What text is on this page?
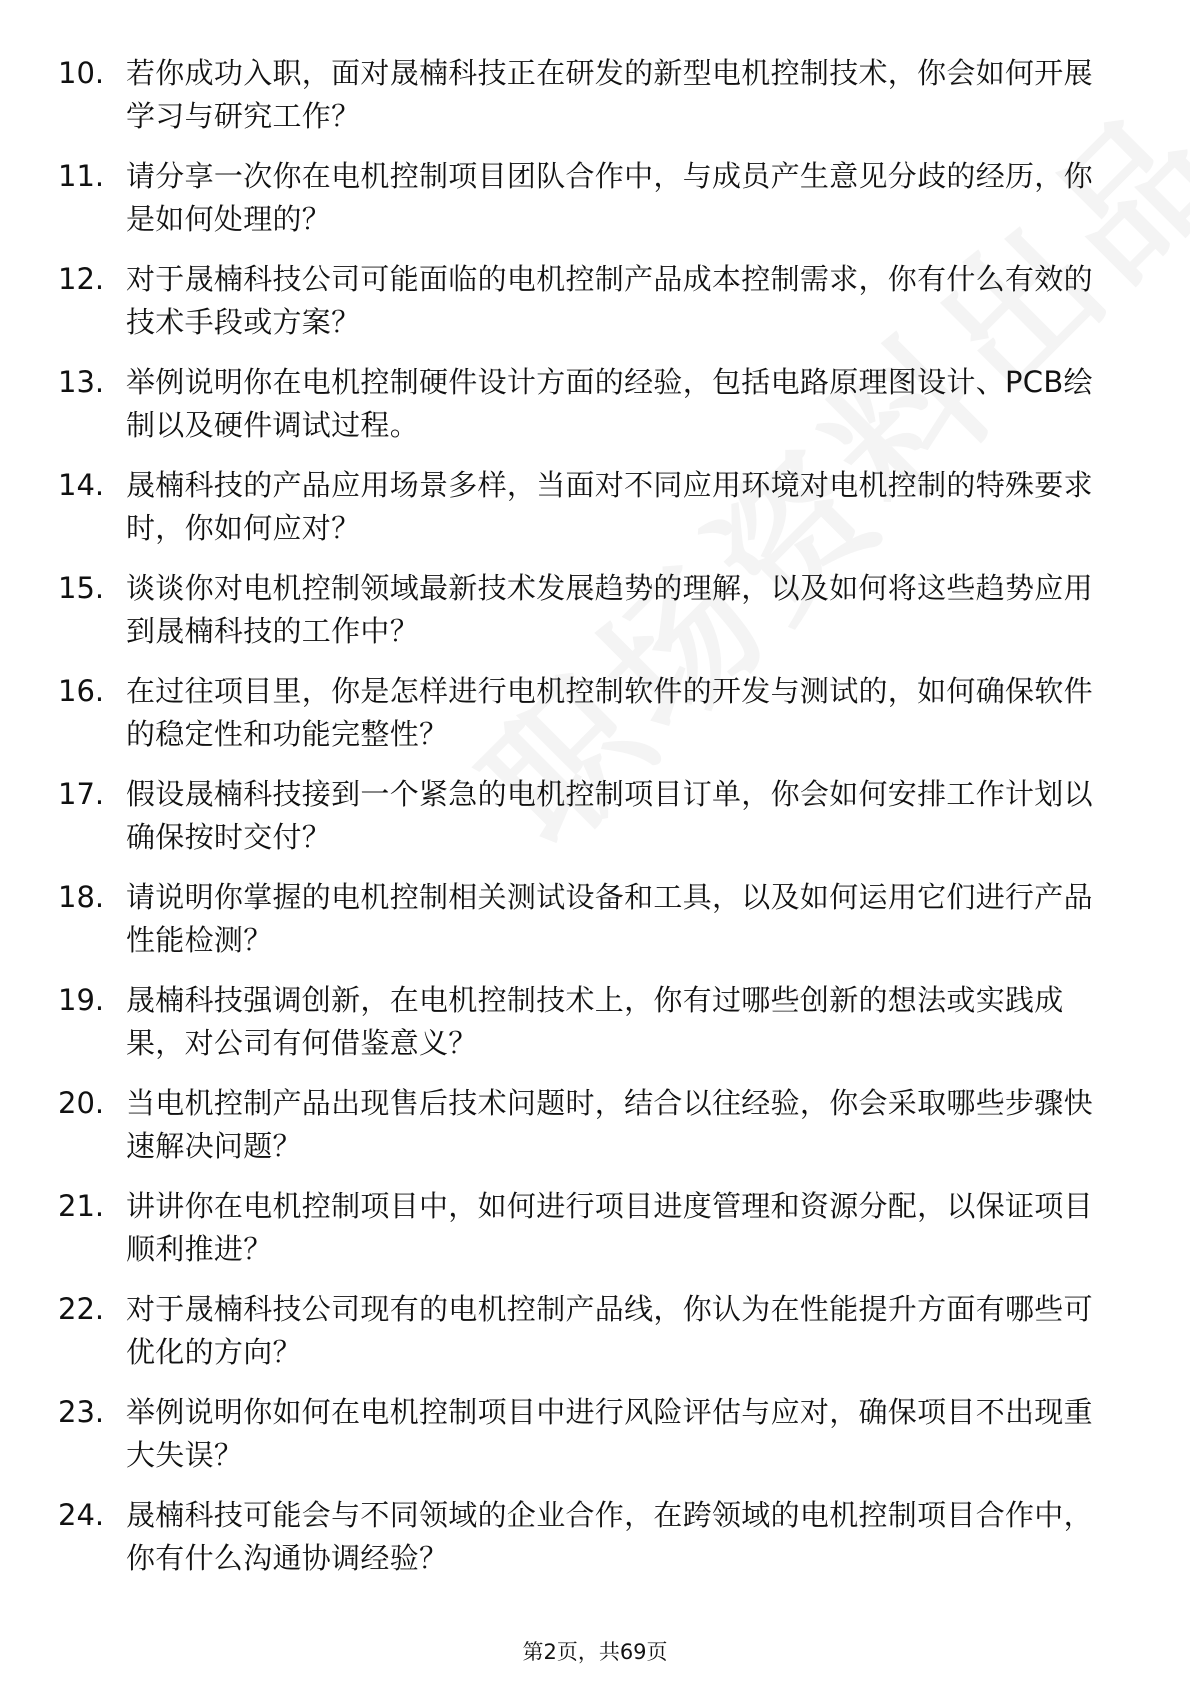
10. 若你成功入职，面对晟楠科技正在研发的新型电机控制技术，你会如何开展学习与研究工作？
11. 请分享一次你在电机控制项目团队合作中，与成员产生意见分歧的经历，你是如何处理的？
12. 对于晟楠科技公司可能面临的电机控制产品成本控制需求，你有什么有效的技术手段或方案？
13. 举例说明你在电机控制硬件设计方面的经验，包括电路原理图设计、PCB绘制以及硬件调试过程。
14. 晟楠科技的产品应用场景多样，当面对不同应用环境对电机控制的特殊要求时，你如何应对？
15. 谈谈你对电机控制领域最新技术发展趋势的理解，以及如何将这些趋势应用到晟楠科技的工作中？
16. 在过往项目里，你是怎样进行电机控制软件的开发与测试的，如何确保软件的稳定性和功能完整性？
17. 假设晟楠科技接到一个紧急的电机控制项目订单，你会如何安排工作计划以确保按时交付？
18. 请说明你掌握的电机控制相关测试设备和工具，以及如何运用它们进行产品性能检测？
19. 晟楠科技强调创新，在电机控制技术上，你有过哪些创新的想法或实践成果，对公司有何借鉴意义？
20. 当电机控制产品出现售后技术问题时，结合以往经验，你会采取哪些步骤快速解决问题？
21. 讲讲你在电机控制项目中，如何进行项目进度管理和资源分配，以保证项目顺利推进？
22. 对于晟楠科技公司现有的电机控制产品线，你认为在性能提升方面有哪些可优化的方向？
23. 举例说明你如何在电机控制项目中进行风险评估与应对，确保项目不出现重大失误？
24. 晟楠科技可能会与不同领域的企业合作，在跨领域的电机控制项目合作中，你有什么沟通协调经验？
第2页，共69页
